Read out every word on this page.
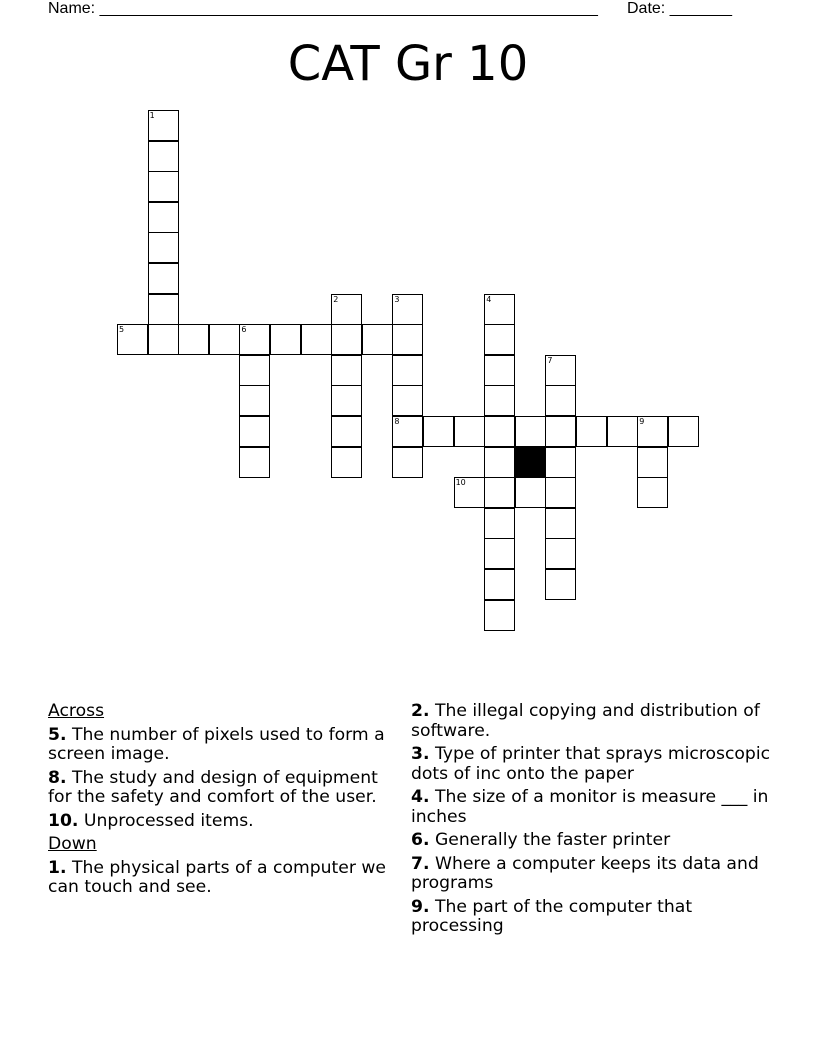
Name: ________________________________________________________ Date: _______
CAT Gr 10
1
2	3
8
4
5	6
7
9
10
Across
5. The number of pixels used to form a screen image.
8. The study and design of equipment for the safety and comfort of the user.
10. Unprocessed items.
Down
1. The physical parts of a computer we can touch and see.
2. The illegal copying and distribution of software.
3. Type of printer that sprays microscopic dots of inc onto the paper
4. The size of a monitor is measure ___ in inches
6. Generally the faster printer
7. Where a computer keeps its data and programs
9. The part of the computer that processing
